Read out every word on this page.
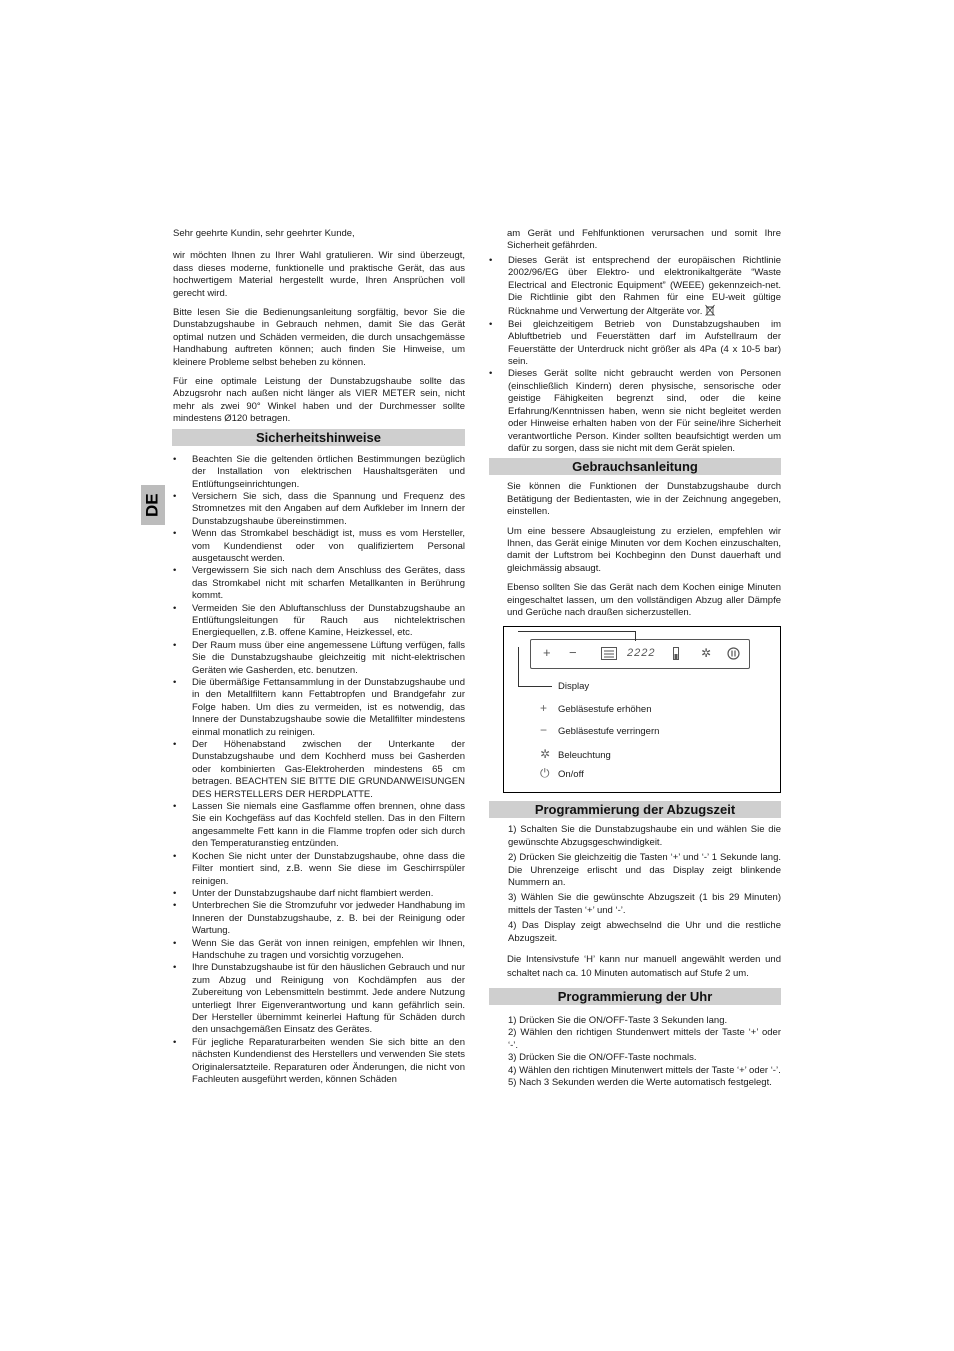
DE

Sehr geehrte Kundin, sehr geehrter Kunde,

wir möchten Ihnen zu Ihrer Wahl gratulieren. Wir sind überzeugt, dass dieses moderne, funktionelle und praktische Gerät, das aus hochwertigem Material hergestellt wurde, Ihren Ansprüchen voll gerecht wird.

Bitte lesen Sie die Bedienungsanleitung sorgfältig, bevor Sie die Dunstabzugshaube in Gebrauch nehmen, damit Sie das Gerät optimal nutzen und Schäden vermeiden, die durch unsachgemässe Handhabung auftreten können; auch finden Sie Hinweise, um kleinere Probleme selbst beheben zu können.

Für eine optimale Leistung der Dunstabzugshaube sollte das Abzugsrohr nach außen nicht länger als VIER METER sein, nicht mehr als zwei 90° Winkel haben und der Durchmesser sollte mindestens Ø120 betragen.

Sicherheitshinweise
• Beachten Sie die geltenden örtlichen Bestimmungen bezüglich der Installation von elektrischen Haushaltsgeräten und Entlüftungseinrichtungen.
• Versichern Sie sich, dass die Spannung und Frequenz des Stromnetzes mit den Angaben auf dem Aufkleber im Innern der Dunstabzugshaube übereinstimmen.
• Wenn das Stromkabel beschädigt ist, muss es vom Hersteller, vom Kundendienst oder von qualifiziertem Personal ausgetauscht werden.
• Vergewissern Sie sich nach dem Anschluss des Gerätes, dass das Stromkabel nicht mit scharfen Metallkanten in Berührung kommt.
• Vermeiden Sie den Abluftanschluss der Dunstabzugshaube an Entlüftungsleitungen für Rauch aus nichtelektrischen Energiequellen, z.B. offene Kamine, Heizkessel, etc.
• Der Raum muss über eine angemessene Lüftung verfügen, falls Sie die Dunstabzugshaube gleichzeitig mit nicht-elektrischen Geräten wie Gasherden, etc. benutzen.
• Die übermäßige Fettansammlung in der Dunstabzugshaube und in den Metallfiltern kann Fettabtropfen und Brandgefahr zur Folge haben. Um dies zu vermeiden, ist es notwendig, das Innere der Dunstabzugshaube sowie die Metallfilter mindestens einmal monatlich zu reinigen.
• Der Höhenabstand zwischen der Unterkante der Dunstabzugshaube und dem Kochherd muss bei Gasherden oder kombinierten Gas-Elektroherden mindestens 65 cm betragen. BEACHTEN SIE BITTE DIE GRUNDANWEISUNGEN DES HERSTELLERS DER HERDPLATTE.
• Lassen Sie niemals eine Gasflamme offen brennen, ohne dass Sie ein Kochgefäss auf das Kochfeld stellen. Das in den Filtern angesammelte Fett kann in die Flamme tropfen oder sich durch den Temperaturanstieg entzünden.
• Kochen Sie nicht unter der Dunstabzugshaube, ohne dass die Filter montiert sind, z.B. wenn Sie diese im Geschirrspüler reinigen.
• Unter der Dunstabzugshaube darf nicht flambiert werden.
• Unterbrechen Sie die Stromzufuhr vor jedweder Handhabung im Inneren der Dunstabzugshaube, z. B. bei der Reinigung oder Wartung.
• Wenn Sie das Gerät von innen reinigen, empfehlen wir Ihnen, Handschuhe zu tragen und vorsichtig vorzugehen.
• Ihre Dunstabzugshaube ist für den häuslichen Gebrauch und nur zum Abzug und Reinigung von Kochdämpfen aus der Zubereitung von Lebensmitteln bestimmt. Jede andere Nutzung unterliegt Ihrer Eigenverantwortung und kann gefährlich sein. Der Hersteller übernimmt keinerlei Haftung für Schäden durch den unsachgemäßen Einsatz des Gerätes.
• Für jegliche Reparaturarbeiten wenden Sie sich bitte an den nächsten Kundendienst des Herstellers und verwenden Sie stets Originalersatzteile. Reparaturen oder Änderungen, die nicht von Fachleuten ausgeführt werden, können Schäden

am Gerät und Fehlfunktionen verursachen und somit Ihre Sicherheit gefährden.

• Dieses Gerät ist entsprechend der europäischen Richtlinie 2002/96/EG über Elektro- und elektronikaltgeräte “Waste Electrical and Electronic Equipment” (WEEE) gekennzeich-net. Die Richtlinie gibt den Rahmen für eine EU-weit gültige Rücknahme und Verwertung der Altgeräte vor.
• Bei gleichzeitigem Betrieb von Dunstabzugshauben im Abluftbetrieb und Feuerstätten darf im Aufstellraum der Feuerstätte der Unterdruck nicht größer als 4Pa (4 x 10-5 bar) sein.
• Dieses Gerät sollte nicht gebraucht werden von Personen (einschließlich Kindern) deren physische, sensorische oder geistige Fähigkeiten begrenzt sind, oder die keine Erfahrung/Kenntnissen haben, wenn sie nicht begleitet werden oder Hinweise erhalten haben von der Für seine/ihre Sicherheit verantwortliche Person. Kinder sollten beaufsichtigt werden um dafür zu sorgen, dass sie nicht mit dem Gerät spielen.
Gebrauchsanleitung

Sie können die Funktionen der Dunstabzugshaube durch Betätigung der Bedientasten, wie in der Zeichnung angegeben, einstellen.

Um eine bessere Absaugleistung zu erzielen, empfehlen wir Ihnen, das Gerät einige Minuten vor dem Kochen einzuschalten, damit der Luftstrom bei Kochbeginn den Dunst dauerhaft und gleichmässig absaugt.

Ebenso sollten Sie das Gerät nach dem Kochen einige Minuten eingeschaltet lassen, um den vollständigen Abzug aller Dämpfe und Gerüche nach draußen sicherzustellen.

+ −	2222	✲
Display
+ Gebläsestufe erhöhen
− Gebläsestufe verringern
✲ Beleuchtung
⏻ On/off
Programmierung der Abzugszeit

1) Schalten Sie die Dunstabzugshaube ein und wählen Sie die gewünschte Abzugsgeschwindigkeit.

2) Drücken Sie gleichzeitig die Tasten ‘+’ und ‘-’ 1 Sekunde lang. Die Uhrenzeige erlischt und das Display zeigt blinkende Nummern an.

3) Wählen Sie die gewünschte Abzugszeit (1 bis 29 Minuten) mittels der Tasten ‘+’ und ‘-’.

4) Das Display zeigt abwechselnd die Uhr und die restliche Abzugszeit.

Die Intensivstufe ‘H’ kann nur manuell angewählt werden und schaltet nach ca. 10 Minuten automatisch auf Stufe 2 um.

Programmierung der Uhr

1) Drücken Sie die ON/OFF-Taste 3 Sekunden lang.

2) Wählen den richtigen Stundenwert mittels der Taste ‘+’ oder ‘-’.

3) Drücken Sie die ON/OFF-Taste nochmals.

4) Wählen den richtigen Minutenwert mittels der Taste ‘+’ oder ‘-’.

5) Nach 3 Sekunden werden die Werte automatisch festgelegt.
